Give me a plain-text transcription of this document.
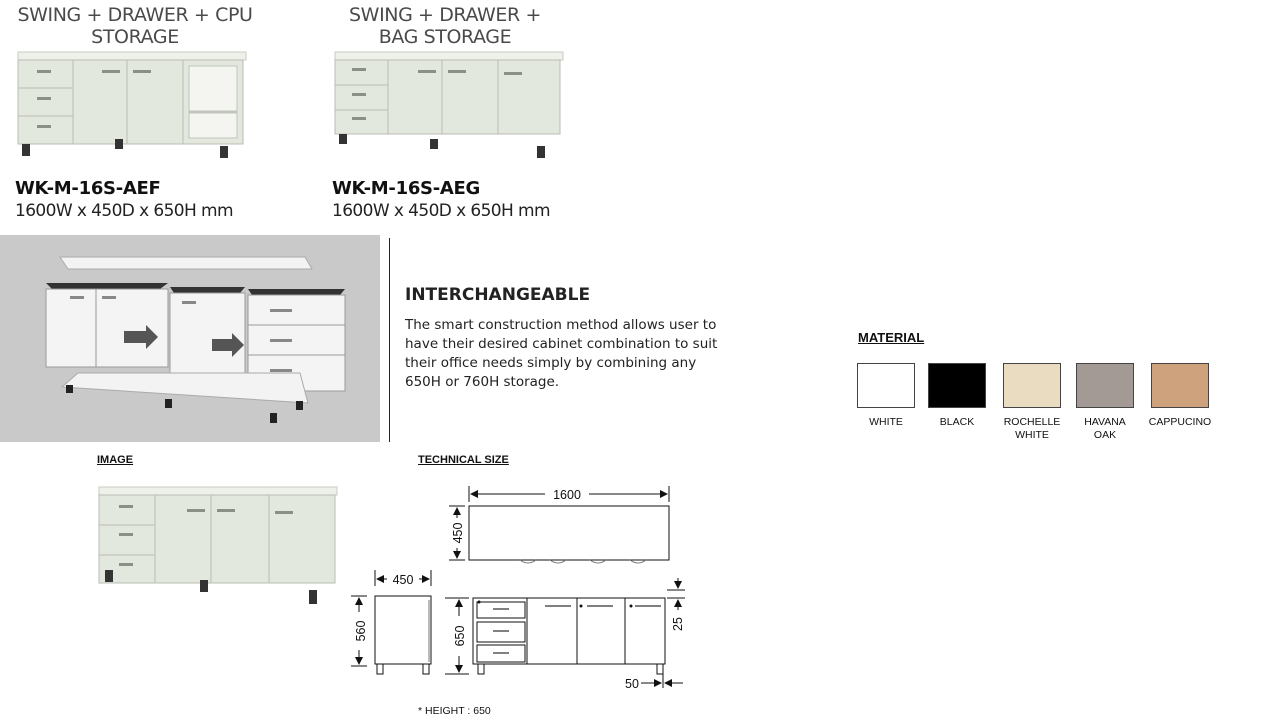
SWING + DRAWER + CPU
STORAGE
WK-M-16S-AEF
1600W x 450D x 650H mm
SWING + DRAWER +
BAG STORAGE
WK-M-16S-AEG
1600W x 450D x 650H mm
INTERCHANGEABLE
The smart construction method allows user to have their desired cabinet combination to suit their office needs simply by combining any 650H or 760H storage.
IMAGE	TECHNICAL SIZE
1600
450
450
560	650
25
50
* HEIGHT : 650
MATERIAL
WHITE	BLACK	ROCHELLE
WHITE
HAVANA
OAK
CAPPUCINO
